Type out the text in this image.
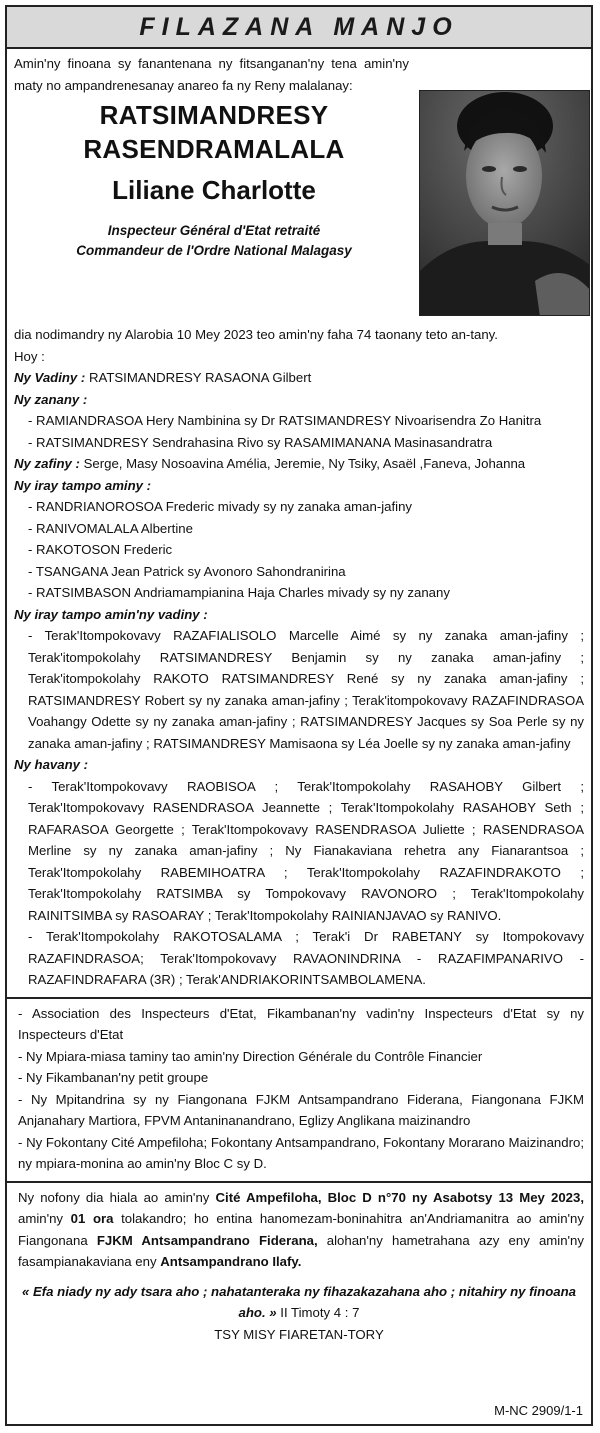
FILAZANA MANJO

Amin'ny finoana sy fanantenana ny fitsanganan'ny tena amin'ny maty no ampandrenesanay anareo fa ny Reny malalanay:

RATSIMANDRESY
RASENDRAMALALA
Liliane Charlotte
Inspecteur Général d'Etat retraité
Commandeur de l'Ordre National Malagasy

dia nodimandry ny Alarobia 10 Mey 2023 teo amin'ny faha 74 taonany teto an-tany.

Hoy :

Ny Vadiny : RATSIMANDRESY RASAONA Gilbert

Ny zanany :

- RAMIANDRASOA Hery Nambinina sy Dr RATSIMANDRESY Nivoarisendra Zo Hanitra
- RATSIMANDRESY Sendrahasina Rivo sy RASAMIMANANA Masinasandratra

Ny zafiny : Serge, Masy Nosoavina Amélia, Jeremie, Ny Tsiky, Asaël ,Faneva, Johanna

Ny iray tampo aminy :

- RANDRIANOROSOA Frederic mivady sy ny zanaka aman-jafiny
- RANIVOMALALA Albertine
- RAKOTOSON Frederic
- TSANGANA Jean Patrick sy Avonoro Sahondranirina
- RATSIMBASON Andriamampianina Haja Charles mivady sy ny zanany

Ny iray tampo amin'ny vadiny :

- Terak'Itompokovavy RAZAFIALISOLO Marcelle Aimé sy ny zanaka aman-jafiny ; Terak'itompokolahy RATSIMANDRESY Benjamin sy ny zanaka aman-jafiny ; Terak'itompokolahy RAKOTO RATSIMANDRESY René sy ny zanaka aman-jafiny ; RATSIMANDRESY Robert sy ny zanaka aman-jafiny ; Terak'itompokovavy RAZAFINDRASOA Voahangy Odette sy ny zanaka aman-jafiny ; RATSIMANDRESY Jacques sy Soa Perle sy ny zanaka aman-jafiny ; RATSIMANDRESY Mamisaona sy Léa Joelle sy ny zanaka aman-jafiny

Ny havany :

- Terak'Itompokovavy RAOBISOA ; Terak'Itompokolahy RASAHOBY Gilbert ; Terak'Itompokovavy RASENDRASOA Jeannette ; Terak'Itompokolahy RASAHOBY Seth ; RAFARASOA Georgette ; Terak'Itompokovavy RASENDRASOA Juliette ; RASENDRASOA Merline sy ny zanaka aman-jafiny ; Ny Fianakaviana rehetra any Fianarantsoa ; Terak'Itompokolahy RABEMIHOATRA ; Terak'Itompokolahy RAZAFINDRAKOTO ; Terak'Itompokolahy RATSIMBA sy Tompokovavy RAVONORO ; Terak'Itompokolahy RAINITSIMBA sy RASOARAY ; Terak'Itompokolahy RAINIANJAVAO sy RANIVO.
- Terak'Itompokolahy RAKOTOSALAMA ; Terak'i Dr RABETANY sy Itompokovavy RAZAFINDRASOA; Terak'Itompokovavy RAVAONINDRINA - RAZAFIMPANARIVO - RAZAFINDRAFARA (3R) ; Terak'ANDRIAKORINTSAMBOLAMENA.
- Association des Inspecteurs d'Etat, Fikambanan'ny vadin'ny Inspecteurs d'Etat sy ny Inspecteurs d'Etat
- Ny Mpiara-miasa taminy tao amin'ny Direction Générale du Contrôle Financier
- Ny Fikambanan'ny petit groupe
- Ny Mpitandrina sy ny Fiangonana FJKM Antsampandrano Fiderana, Fiangonana FJKM Anjanahary Martiora, FPVM Antaninanandrano, Eglizy Anglikana maizinandro
- Ny Fokontany Cité Ampefiloha; Fokontany Antsampandrano, Fokontany Morarano Maizinandro; ny mpiara-monina ao amin'ny Bloc C sy D.

Ny nofony dia hiala ao amin'ny Cité Ampefiloha, Bloc D n°70 ny Asabotsy 13 Mey 2023, amin'ny 01 ora tolakandro; ho entina hanomezam-boninahitra an'Andriamanitra ao amin'ny Fiangonana FJKM Antsampandrano Fiderana, alohan'ny hametrahana azy eny amin'ny fasampianakaviana eny Antsampandrano Ilafy.

« Efa niady ny ady tsara aho ; nahatanteraka ny fihazakazahana aho ; nitahiry ny finoana aho. » II Timoty 4 : 7
TSY MISY FIARETAN-TORY
M-NC 2909/1-1
